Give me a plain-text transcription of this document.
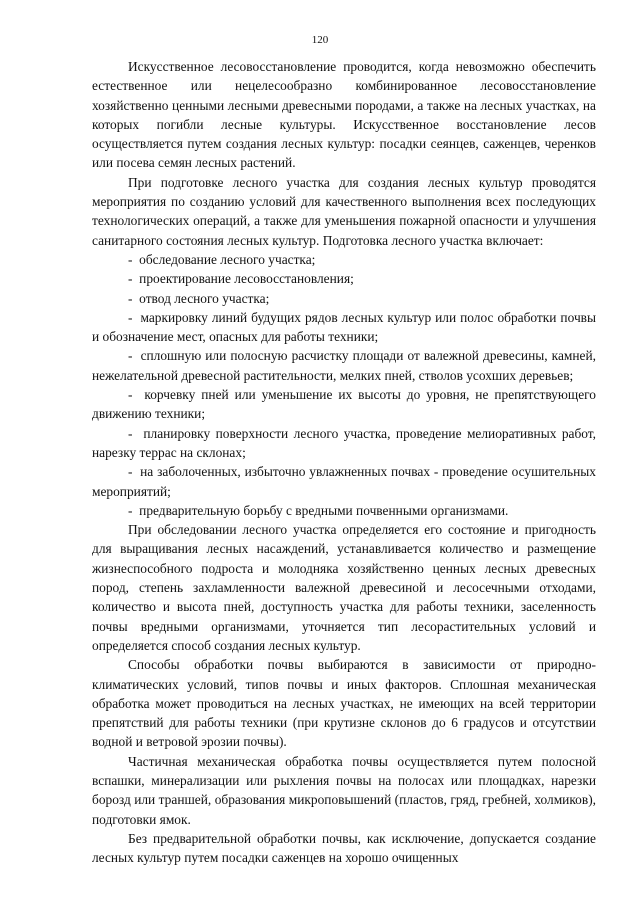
120

Искусственное лесовосстановление проводится, когда невозможно обеспечить естественное или нецелесообразно комбинированное лесовосстановление хозяйственно ценными лесными древесными породами, а также на лесных участках, на которых погибли лесные культуры. Искусственное восстановление лесов осуществляется путем создания лесных культур: посадки сеянцев, саженцев, черенков или посева семян лесных растений.

При подготовке лесного участка для создания лесных культур проводятся мероприятия по созданию условий для качественного выполнения всех последующих технологических операций, а также для уменьшения пожарной опасности и улучшения санитарного состояния лесных культур. Подготовка лесного участка включает:

- обследование лесного участка;
- проектирование лесовосстановления;
- отвод лесного участка;
- маркировку линий будущих рядов лесных культур или полос обработки почвы и обозначение мест, опасных для работы техники;
- сплошную или полосную расчистку площади от валежной древесины, камней, нежелательной древесной растительности, мелких пней, стволов усохших деревьев;
- корчевку пней или уменьшение их высоты до уровня, не препятствующего движению техники;
- планировку поверхности лесного участка, проведение мелиоративных работ, нарезку террас на склонах;
- на заболоченных, избыточно увлажненных почвах - проведение осушительных мероприятий;
- предварительную борьбу с вредными почвенными организмами.

При обследовании лесного участка определяется его состояние и пригодность для выращивания лесных насаждений, устанавливается количество и размещение жизнеспособного подроста и молодняка хозяйственно ценных лесных древесных пород, степень захламленности валежной древесиной и лесосечными отходами, количество и высота пней, доступность участка для работы техники, заселенность почвы вредными организмами, уточняется тип лесорастительных условий и определяется способ создания лесных культур.

Способы обработки почвы выбираются в зависимости от природно-климатических условий, типов почвы и иных факторов. Сплошная механическая обработка может проводиться на лесных участках, не имеющих на всей территории препятствий для работы техники (при крутизне склонов до 6 градусов и отсутствии водной и ветровой эрозии почвы).

Частичная механическая обработка почвы осуществляется путем полосной вспашки, минерализации или рыхления почвы на полосах или площадках, нарезки борозд или траншей, образования микроповышений (пластов, гряд, гребней, холмиков), подготовки ямок.

Без предварительной обработки почвы, как исключение, допускается создание лесных культур путем посадки саженцев на хорошо очищенных
